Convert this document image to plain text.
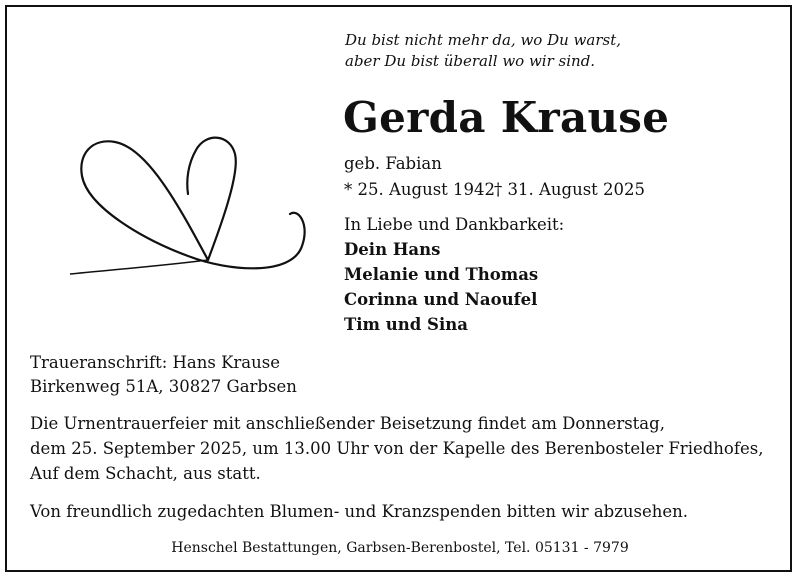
Du bist nicht mehr da, wo Du warst,
aber Du bist überall wo wir sind.
Gerda Krause
geb. Fabian
* 25. August 1942
† 31. August 2025
In Liebe und Dankbarkeit:
Dein Hans
Melanie und Thomas
Corinna und Naoufel
Tim und Sina
Traueranschrift: Hans Krause
Birkenweg 51A, 30827 Garbsen
Die Urnentrauerfeier mit anschließender Beisetzung findet am Donnerstag,
dem 25. September 2025, um 13.00 Uhr von der Kapelle des Berenbosteler Friedhofes,
Auf dem Schacht, aus statt.
Von freundlich zugedachten Blumen- und Kranzspenden bitten wir abzusehen.
Henschel Bestattungen, Garbsen-Berenbostel, Tel. 05131 - 7979
